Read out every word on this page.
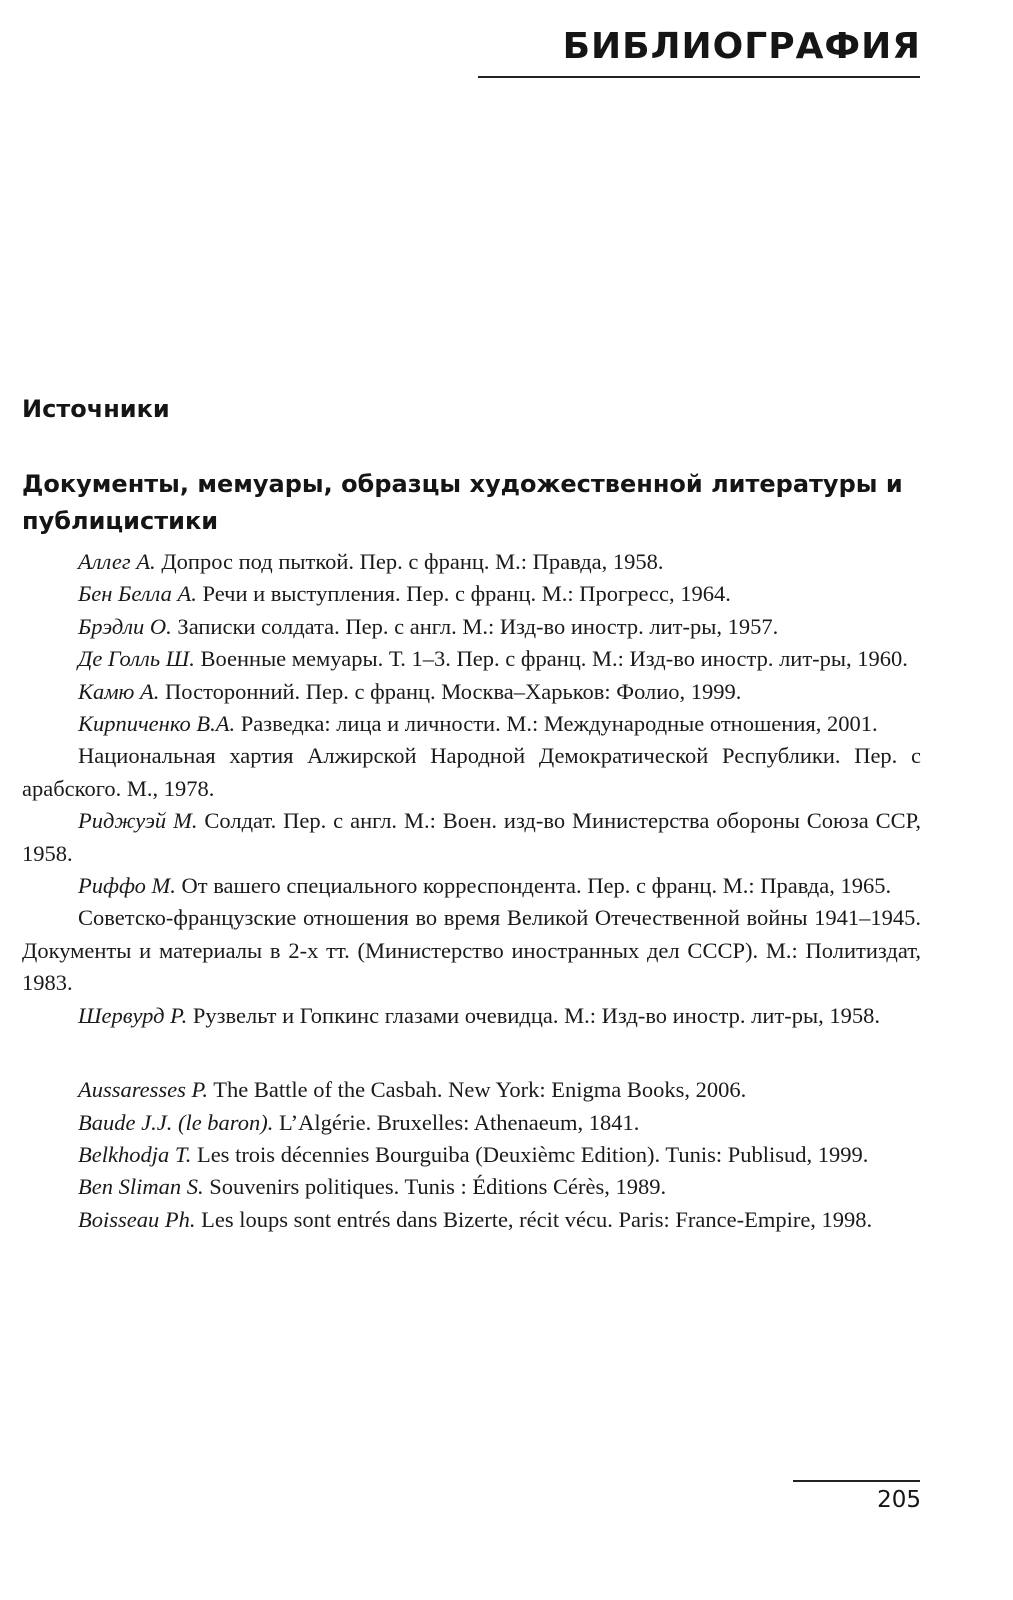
БИБЛИОГРАФИЯ
Источники
Документы, мемуары, образцы художественной литературы и публицистики
Аллег А. Допрос под пыткой. Пер. с франц. М.: Правда, 1958.
Бен Белла А. Речи и выступления. Пер. с франц. М.: Прогресс, 1964.
Брэдли О. Записки солдата. Пер. с англ. М.: Изд-во иностр. лит-ры, 1957.
Де Голль Ш. Военные мемуары. Т. 1–3. Пер. с франц. М.: Изд-во иностр. лит-ры, 1960.
Камю А. Посторонний. Пер. с франц. Москва–Харьков: Фолио, 1999.
Кирпиченко В.А. Разведка: лица и личности. М.: Международные отношения, 2001.
Национальная хартия Алжирской Народной Демократической Республики. Пер. с арабского. М., 1978.
Риджуэй М. Солдат. Пер. с англ. М.: Воен. изд-во Министерства обороны Союза ССР, 1958.
Риффо М. От вашего специального корреспондента. Пер. с франц. М.: Правда, 1965.
Советско-французские отношения во время Великой Отечественной войны 1941–1945. Документы и материалы в 2-х тт. (Министерство иностранных дел СССР). М.: Политиздат, 1983.
Шервурд Р. Рузвельт и Гопкинс глазами очевидца. М.: Изд-во иностр. лит-ры, 1958.
Aussaresses P. The Battle of the Casbah. New York: Enigma Books, 2006.
Baude J.J. (le baron). L’Algérie. Bruxelles: Athenaeum, 1841.
Belkhodja T. Les trois décennies Bourguiba (Deuxièmc Edition). Tunis: Publisud, 1999.
Ben Sliman S. Souvenirs politiques. Tunis : Éditions Cérès, 1989.
Boisseau Ph. Les loups sont entrés dans Bizerte, récit vécu. Paris: France-Empire, 1998.

205
